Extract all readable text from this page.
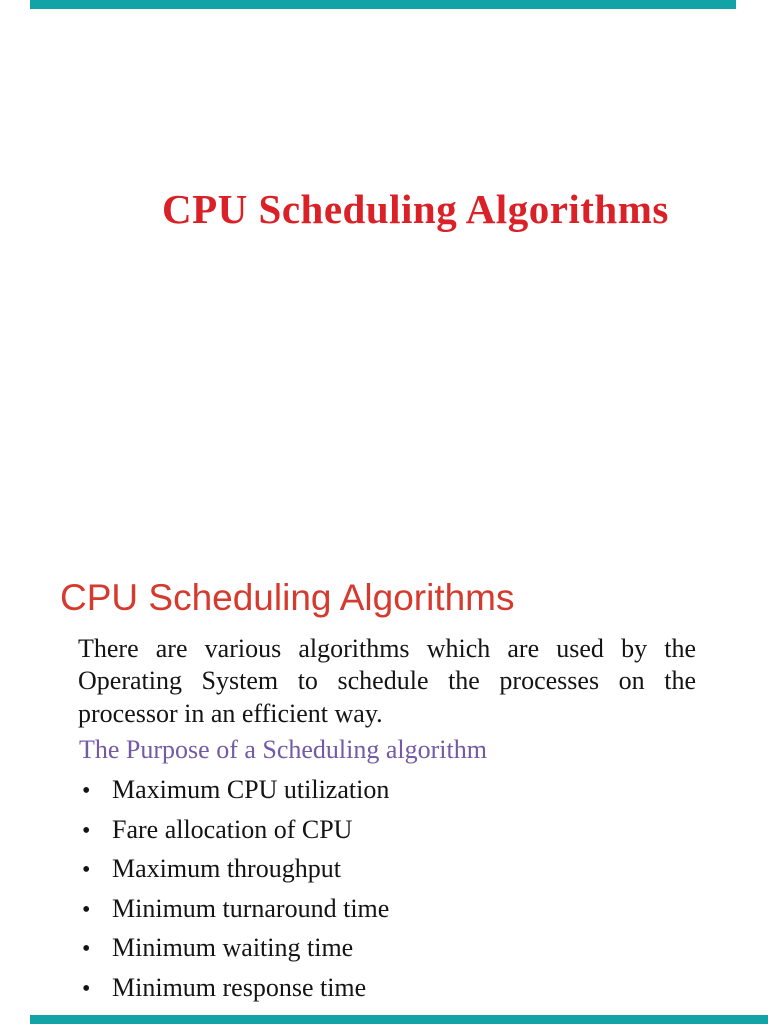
CPU Scheduling Algorithms
CPU Scheduling Algorithms
There are various algorithms which are used by the
Operating System to schedule the processes on the
processor in an efficient way.
The Purpose of a Scheduling algorithm
• Maximum CPU utilization
• Fare allocation of CPU
• Maximum throughput
• Minimum turnaround time
• Minimum waiting time
• Minimum response time
